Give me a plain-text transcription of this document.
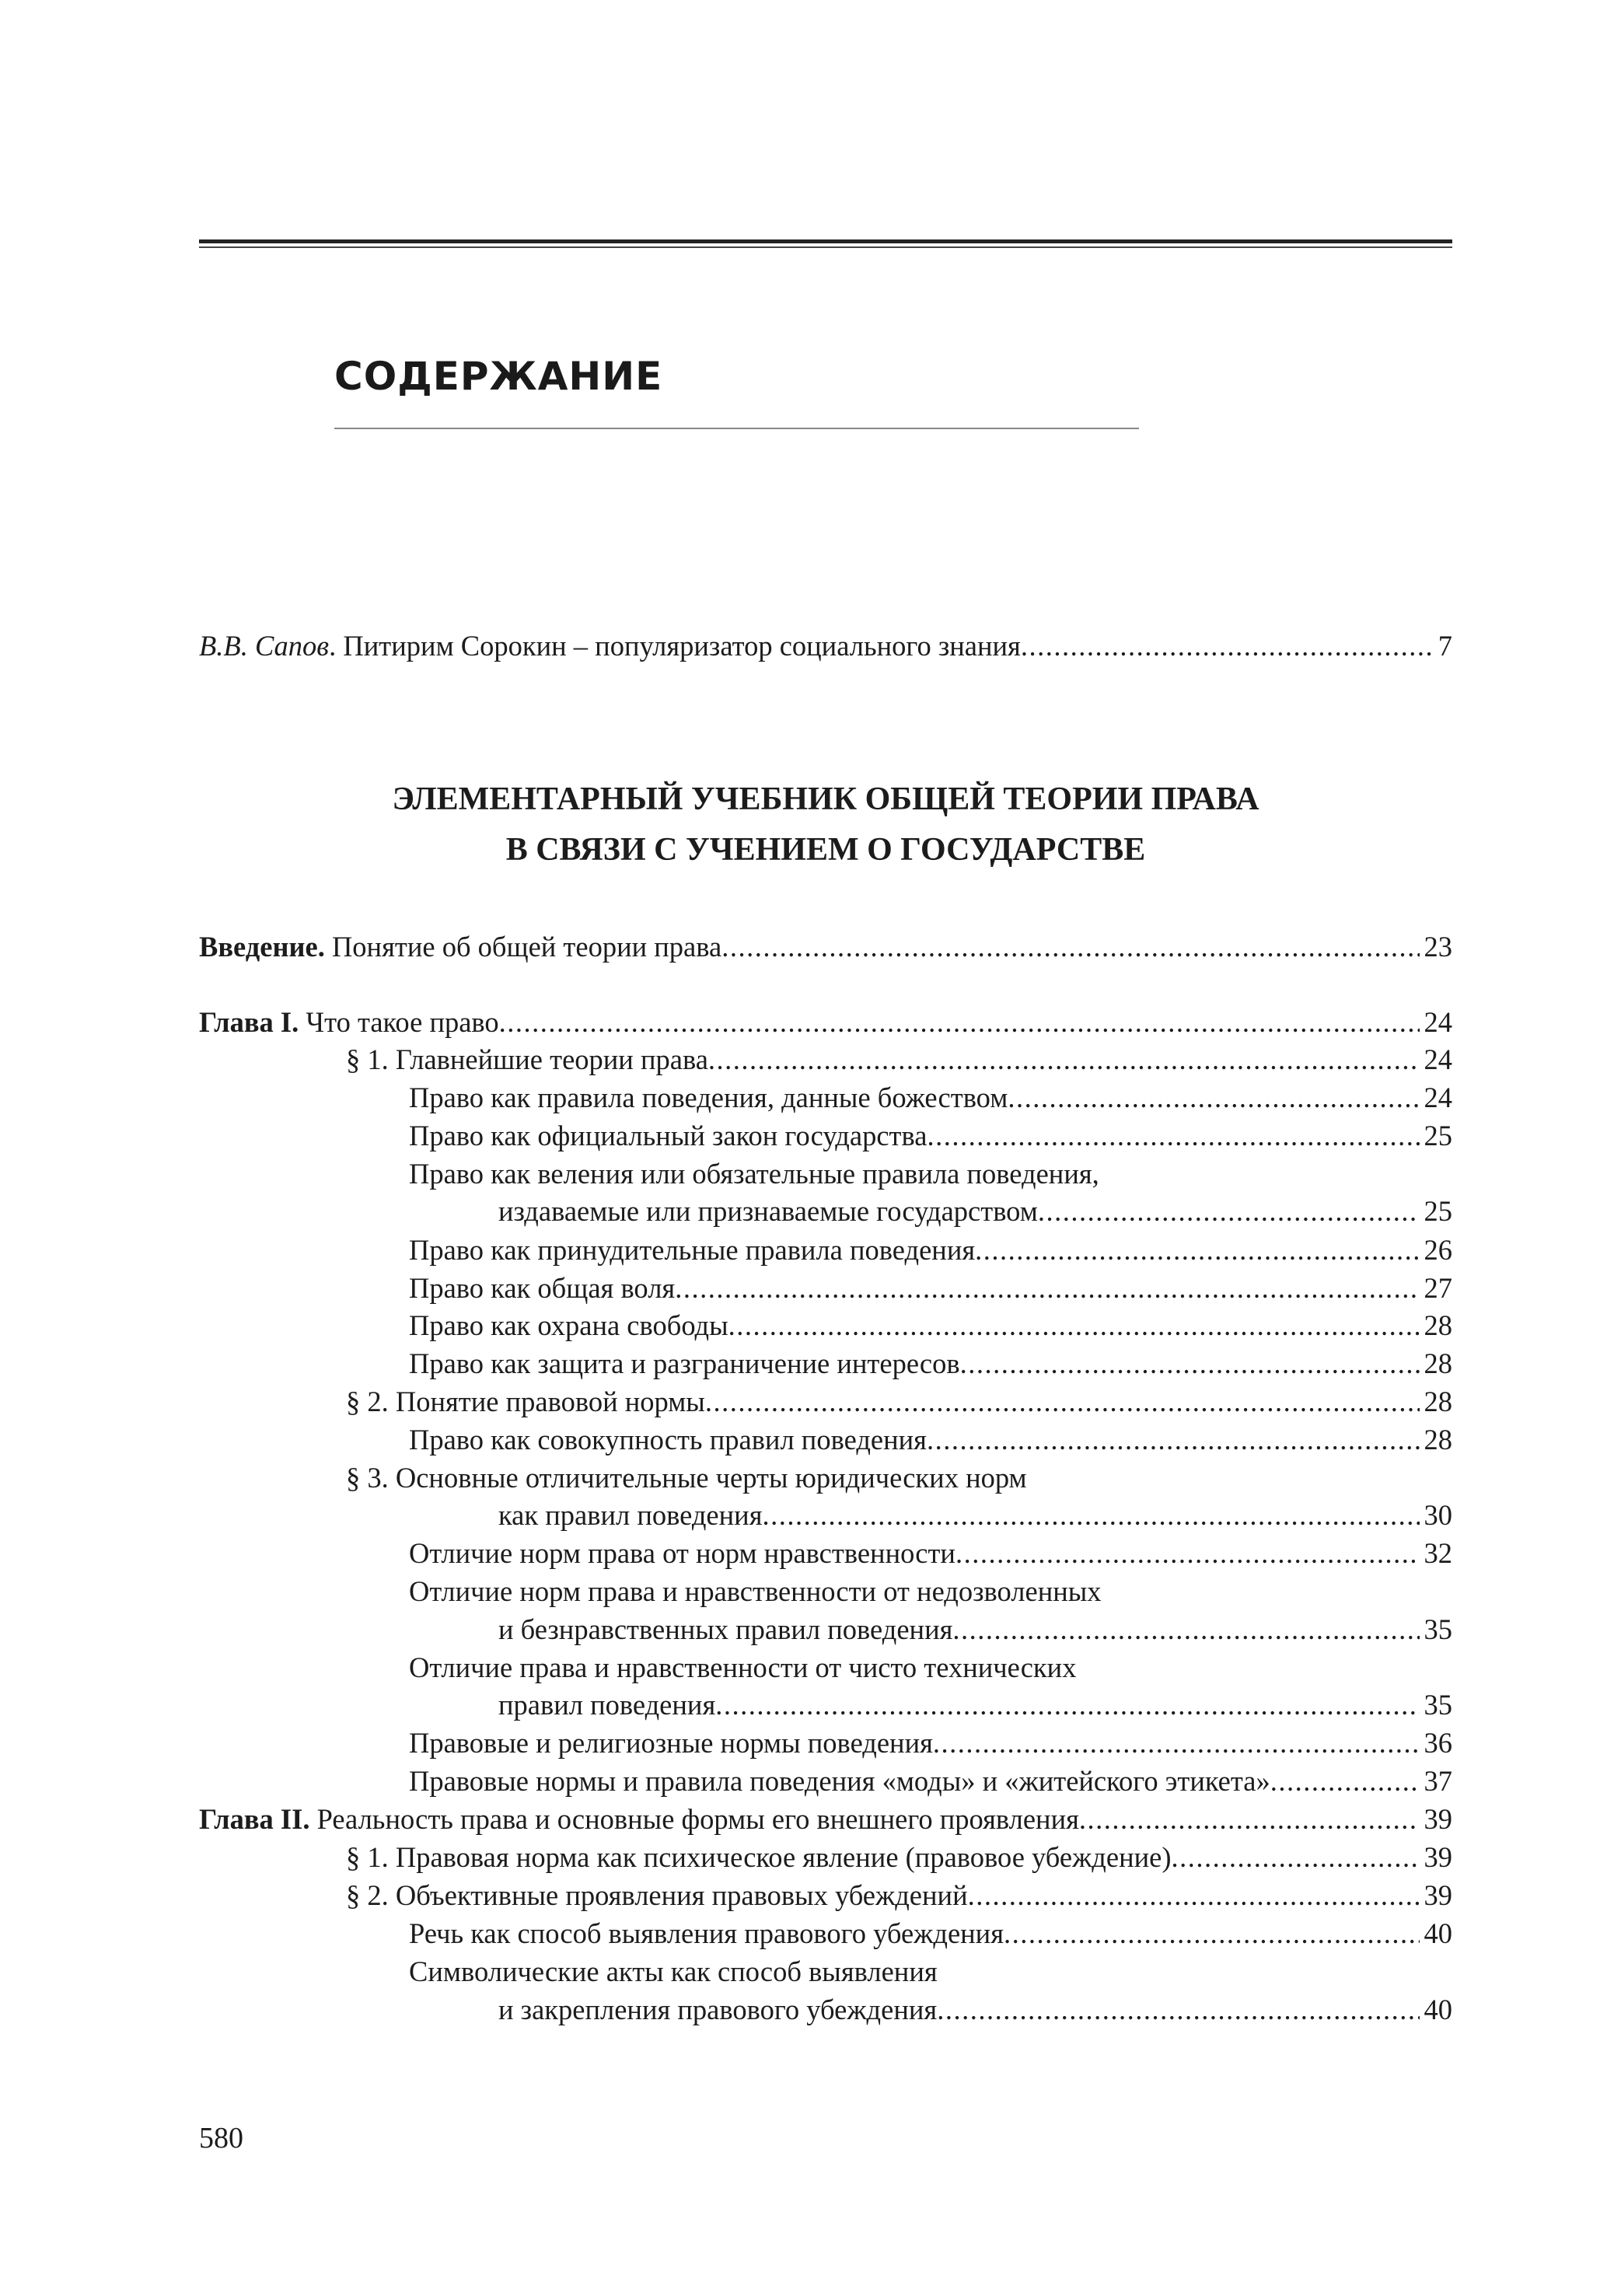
СОДЕРЖАНИЕ
В.В. Сапов. Питирим Сорокин – популяризатор социального знания .....	7
ЭЛЕМЕНТАРНЫЙ УЧЕБНИК ОБЩЕЙ ТЕОРИИ ПРАВА
В СВЯЗИ С УЧЕНИЕМ О ГОСУДАРСТВЕ
Введение. Понятие об общей теории права .....	23
Глава I. Что такое право .....	24
§ 1. Главнейшие теории права .....	24
Право как правила поведения, данные божеством .....	24
Право как официальный закон государства .....	25
Право как веления или обязательные правила поведения,
издаваемые или признаваемые государством .....	25
Право как принудительные правила поведения .....	26
Право как общая воля .....	27
Право как охрана свободы .....	28
Право как защита и разграничение интересов .....	28
§ 2. Понятие правовой нормы .....	28
Право как совокупность правил поведения .....	28
§ 3. Основные отличительные черты юридических норм
как правил поведения .....	30
Отличие норм права от норм нравственности .....	32
Отличие норм права и нравственности от недозволенных
и безнравственных правил поведения .....	35
Отличие права и нравственности от чисто технических
правил поведения .....	35
Правовые и религиозные нормы поведения .....	36
Правовые нормы и правила поведения «моды» и «житейского этикета» .....	37
Глава II. Реальность права и основные формы его внешнего проявления .....	39
§ 1. Правовая норма как психическое явление (правовое убеждение) .....	39
§ 2. Объективные проявления правовых убеждений .....	39
Речь как способ выявления правового убеждения .....	40
Символические акты как способ выявления
и закрепления правового убеждения .....	40
580
